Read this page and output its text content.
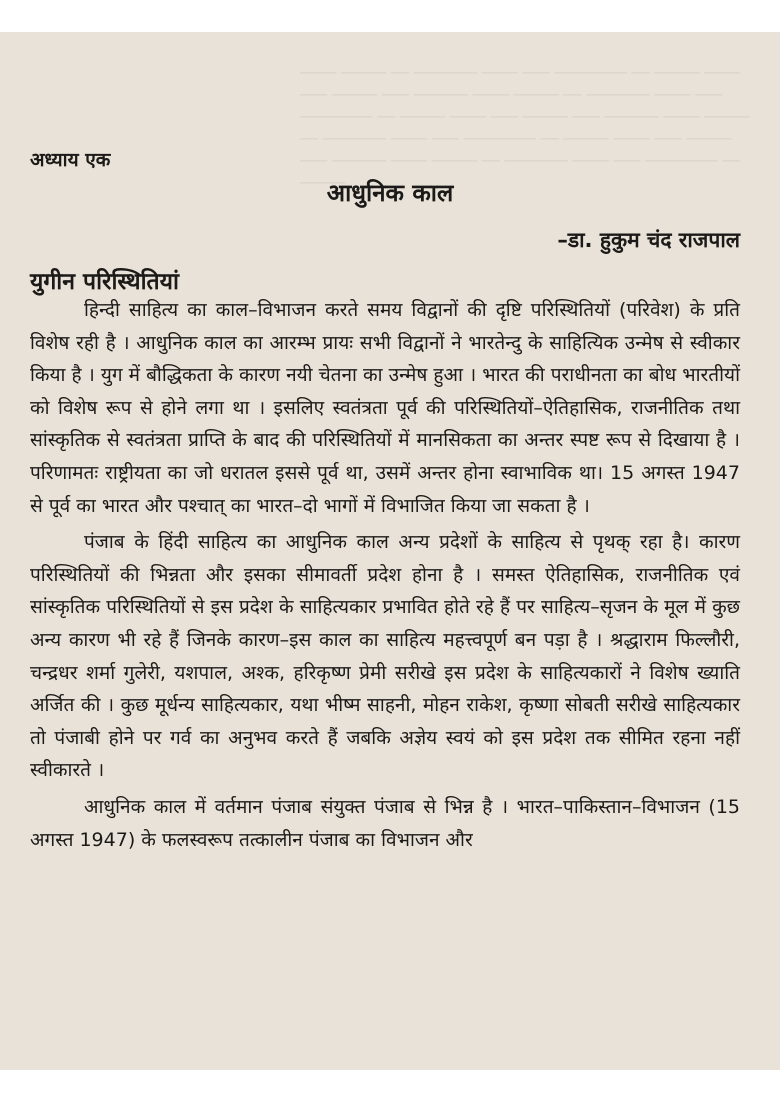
──── ───── ── ─────── ──── ─── ──────── ── ───── ──── ─── ───── ─── ────── ──── ───── ── ─────── ──── ─── ──────── ── ───── ──── ─── ───── ─── ────── ──── ───── ── ─────── ──── ─── ──────── ── ───── ──── ─── ───── ─── ────── ──── ───── ── ─────── ──── ─── ──────── ── ─────
अध्याय एक
आधुनिक काल
–डा. हुकुम चंद राजपाल
युगीन परिस्थितियां

हिन्दी साहित्य का काल–विभाजन करते समय विद्वानों की दृष्टि परिस्थितियों (परिवेश) के प्रति विशेष रही है । आधुनिक काल का आरम्भ प्रायः सभी विद्वानों ने भारतेन्दु के साहित्यिक उन्मेष से स्वीकार किया है । युग में बौद्धिकता के कारण नयी चेतना का उन्मेष हुआ । भारत की पराधीनता का बोध भारतीयों को विशेष रूप से होने लगा था । इसलिए स्वतंत्रता पूर्व की परिस्थितियों–ऐतिहासिक, राजनीतिक तथा सांस्कृतिक से स्वतंत्रता प्राप्ति के बाद की परिस्थितियों में मानसिकता का अन्तर स्पष्ट रूप से दिखाया है । परिणामतः राष्ट्रीयता का जो धरातल इससे पूर्व था, उसमें अन्तर होना स्वाभाविक था। 15 अगस्त 1947 से पूर्व का भारत और पश्चात् का भारत–दो भागों में विभाजित किया जा सकता है ।

पंजाब के हिंदी साहित्य का आधुनिक काल अन्य प्रदेशों के साहित्य से पृथक् रहा है। कारण परिस्थितियों की भिन्नता और इसका सीमावर्ती प्रदेश होना है । समस्त ऐतिहासिक, राजनीतिक एवं सांस्कृतिक परिस्थितियों से इस प्रदेश के साहित्यकार प्रभावित होते रहे हैं पर साहित्य–सृजन के मूल में कुछ अन्य कारण भी रहे हैं जिनके कारण–इस काल का साहित्य महत्त्वपूर्ण बन पड़ा है । श्रद्धाराम फिल्लौरी, चन्द्रधर शर्मा गुलेरी, यशपाल, अश्क, हरिकृष्ण प्रेमी सरीखे इस प्रदेश के साहित्यकारों ने विशेष ख्याति अर्जित की । कुछ मूर्धन्य साहित्यकार, यथा भीष्म साहनी, मोहन राकेश, कृष्णा सोबती सरीखे साहित्यकार तो पंजाबी होने पर गर्व का अनुभव करते हैं जबकि अज्ञेय स्वयं को इस प्रदेश तक सीमित रहना नहीं स्वीकारते ।

आधुनिक काल में वर्तमान पंजाब संयुक्त पंजाब से भिन्न है । भारत–पाकिस्तान–विभाजन (15 अगस्त 1947) के फलस्वरूप तत्कालीन पंजाब का विभाजन और
